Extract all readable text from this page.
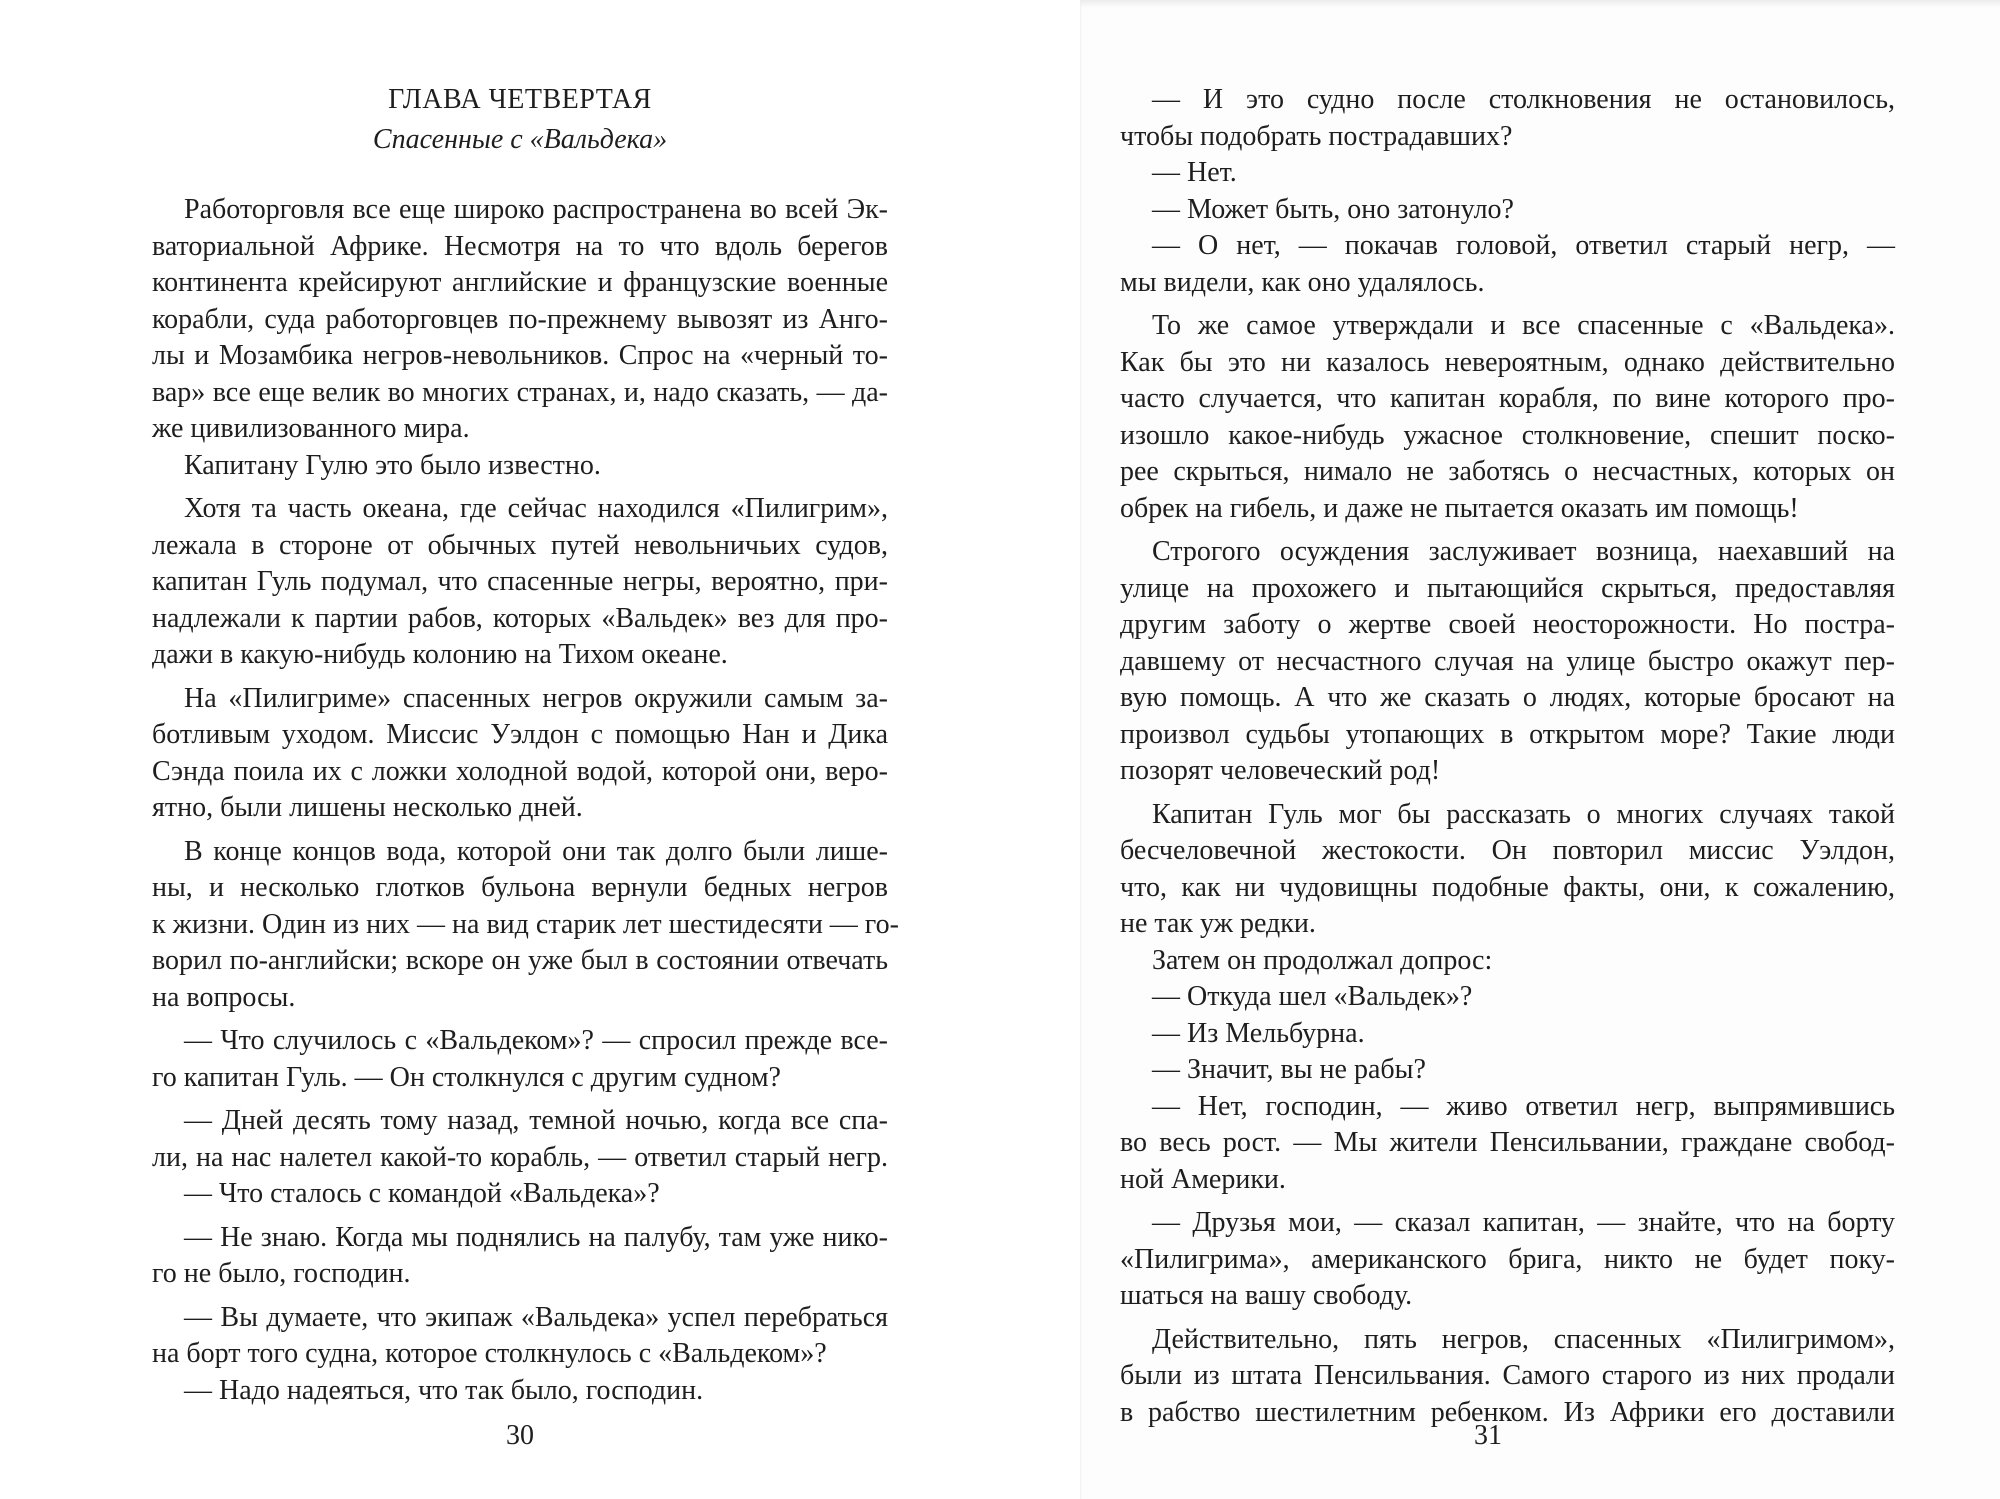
ГЛАВА ЧЕТВЕРТАЯ
Спасенные с «Вальдека»
Работорговля все еще широко распространена во всей Эк-
ваториальной Африке. Несмотря на то что вдоль берегов
континента крейсируют английские и французские военные
корабли, суда работорговцев по-прежнему вывозят из Анго-
лы и Мозамбика негров-невольников. Спрос на «черный то-
вар» все еще велик во многих странах, и, надо сказать, — да-
же цивилизованного мира.
Капитану Гулю это было известно.
Хотя та часть океана, где сейчас находился «Пилигрим»,
лежала в стороне от обычных путей невольничьих судов,
капитан Гуль подумал, что спасенные негры, вероятно, при-
надлежали к партии рабов, которых «Вальдек» вез для про-
дажи в какую-нибудь колонию на Тихом океане.
На «Пилигриме» спасенных негров окружили самым за-
ботливым уходом. Миссис Уэлдон с помощью Нан и Дика
Сэнда поила их с ложки холодной водой, которой они, веро-
ятно, были лишены несколько дней.
В конце концов вода, которой они так долго были лише-
ны, и несколько глотков бульона вернули бедных негров
к жизни. Один из них — на вид старик лет шестидесяти — го-
ворил по-английски; вскоре он уже был в состоянии отвечать
на вопросы.
— Что случилось с «Вальдеком»? — спросил прежде все-
го капитан Гуль. — Он столкнулся с другим судном?
— Дней десять тому назад, темной ночью, когда все спа-
ли, на нас налетел какой-то корабль, — ответил старый негр.
— Что сталось с командой «Вальдека»?
— Не знаю. Когда мы поднялись на палубу, там уже нико-
го не было, господин.
— Вы думаете, что экипаж «Вальдека» успел перебраться
на борт того судна, которое столкнулось с «Вальдеком»?
— Надо надеяться, что так было, господин.
30
— И это судно после столкновения не остановилось,
чтобы подобрать пострадавших?
— Нет.
— Может быть, оно затонуло?
— О нет, — покачав головой, ответил старый негр, —
мы видели, как оно удалялось.
То же самое утверждали и все спасенные с «Вальдека».
Как бы это ни казалось невероятным, однако действительно
часто случается, что капитан корабля, по вине которого про-
изошло какое-нибудь ужасное столкновение, спешит поско-
рее скрыться, нимало не заботясь о несчастных, которых он
обрек на гибель, и даже не пытается оказать им помощь!
Строгого осуждения заслуживает возница, наехавший на
улице на прохожего и пытающийся скрыться, предоставляя
другим заботу о жертве своей неосторожности. Но постра-
давшему от несчастного случая на улице быстро окажут пер-
вую помощь. А что же сказать о людях, которые бросают на
произвол судьбы утопающих в открытом море? Такие люди
позорят человеческий род!
Капитан Гуль мог бы рассказать о многих случаях такой
бесчеловечной жестокости. Он повторил миссис Уэлдон,
что, как ни чудовищны подобные факты, они, к сожалению,
не так уж редки.
Затем он продолжал допрос:
— Откуда шел «Вальдек»?
— Из Мельбурна.
— Значит, вы не рабы?
— Нет, господин, — живо ответил негр, выпрямившись
во весь рост. — Мы жители Пенсильвании, граждане свобод-
ной Америки.
— Друзья мои, — сказал капитан, — знайте, что на борту
«Пилигрима», американского брига, никто не будет поку-
шаться на вашу свободу.
Действительно, пять негров, спасенных «Пилигримом»,
были из штата Пенсильвания. Самого старого из них продали
в рабство шестилетним ребенком. Из Африки его доставили
31
